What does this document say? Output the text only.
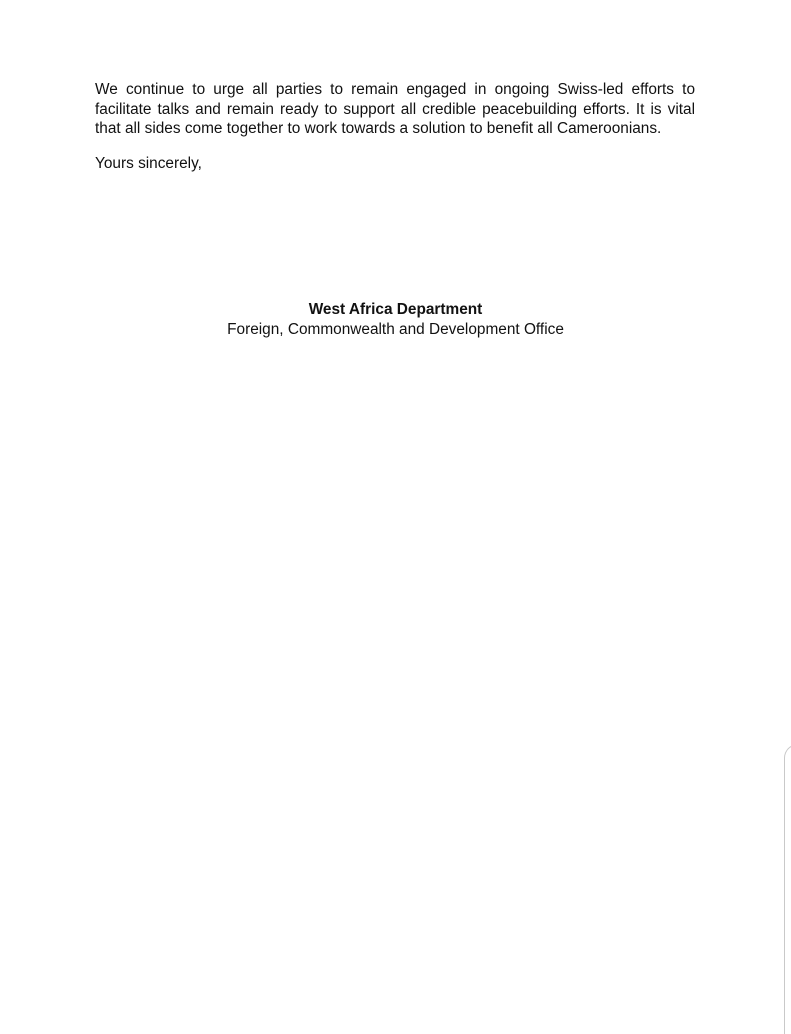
We continue to urge all parties to remain engaged in ongoing Swiss-led efforts to facilitate talks and remain ready to support all credible peacebuilding efforts. It is vital that all sides come together to work towards a solution to benefit all Cameroonians.

Yours sincerely,

West Africa Department
Foreign, Commonwealth and Development Office
